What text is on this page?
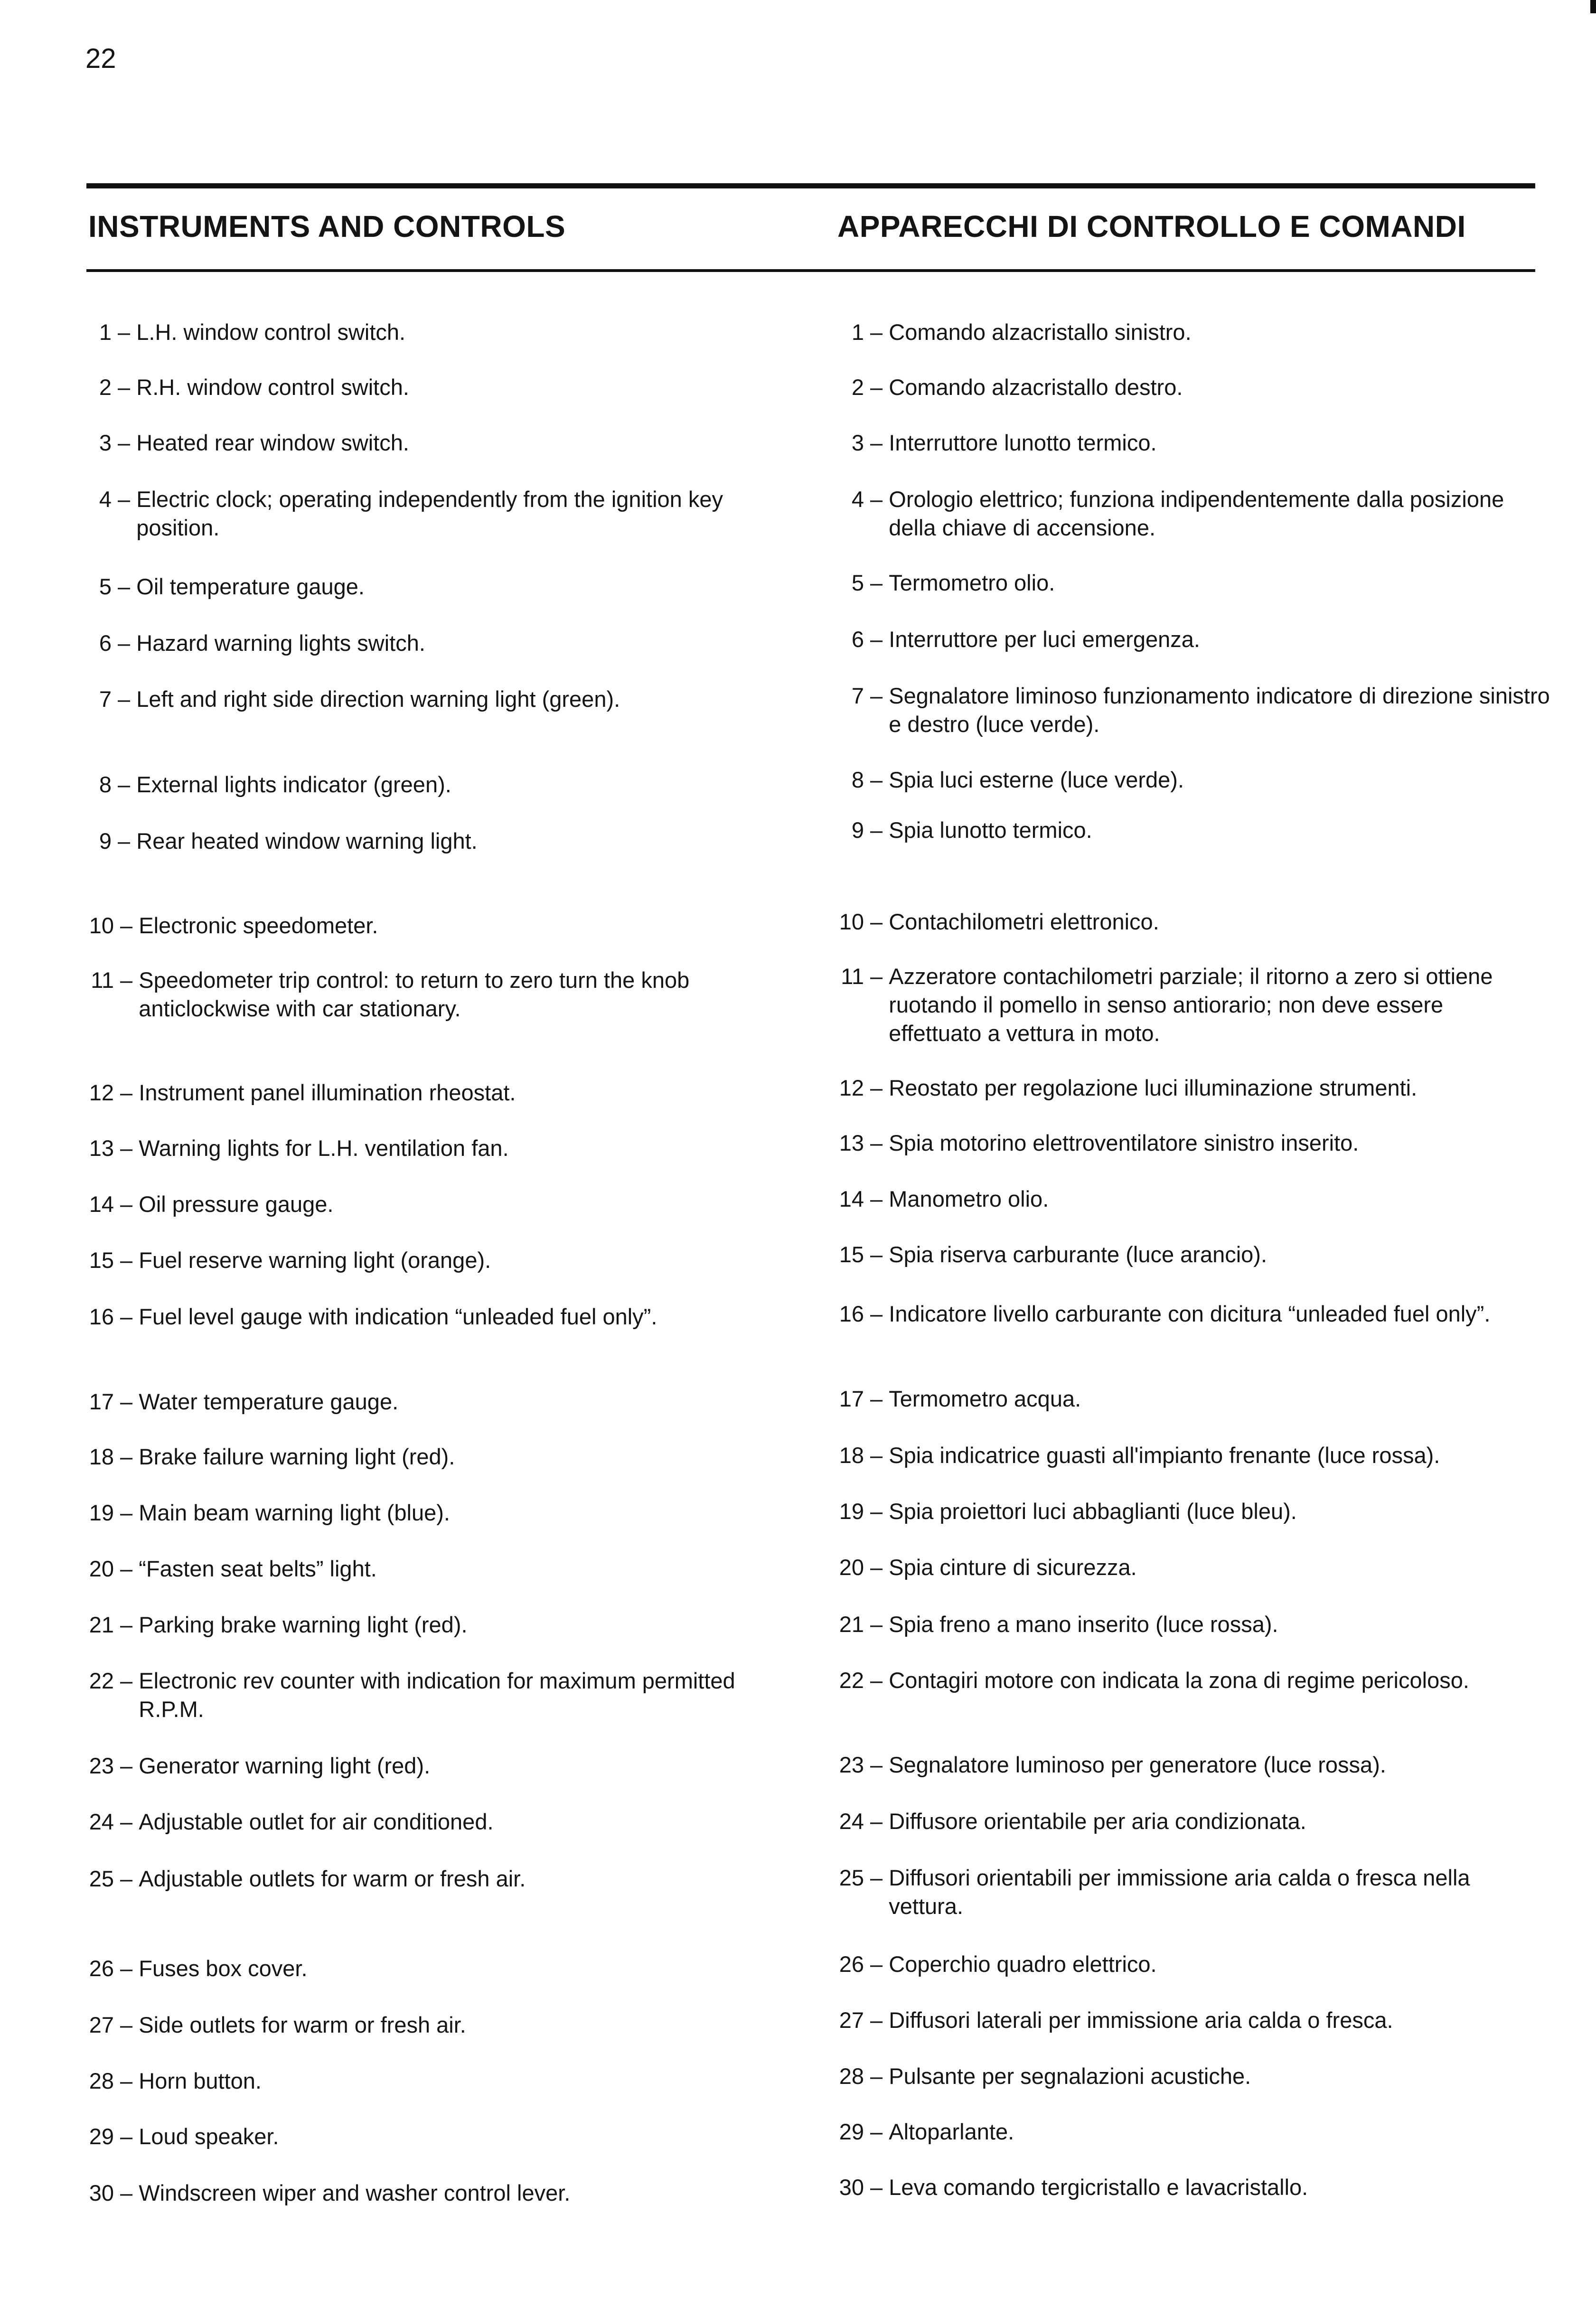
22
INSTRUMENTS AND CONTROLS	APPARECCHI DI CONTROLLO E COMANDI
1 – L.H. window control switch.
2 – R.H. window control switch.
3 – Heated rear window switch.
4 – Electric clock; operating independently from the ignition key position.
5 – Oil temperature gauge.
6 – Hazard warning lights switch.
7 – Left and right side direction warning light (green).
8 – External lights indicator (green).
9 – Rear heated window warning light.
10 – Electronic speedometer.
11 – Speedometer trip control: to return to zero turn the knob anticlockwise with car stationary.
12 – Instrument panel illumination rheostat.
13 – Warning lights for L.H. ventilation fan.
14 – Oil pressure gauge.
15 – Fuel reserve warning light (orange).
16 – Fuel level gauge with indication “unleaded fuel only”.
17 – Water temperature gauge.
18 – Brake failure warning light (red).
19 – Main beam warning light (blue).
20 – “Fasten seat belts” light.
21 – Parking brake warning light (red).
22 – Electronic rev counter with indication for maximum permitted R.P.M.
23 – Generator warning light (red).
24 – Adjustable outlet for air conditioned.
25 – Adjustable outlets for warm or fresh air.
26 – Fuses box cover.
27 – Side outlets for warm or fresh air.
28 – Horn button.
29 – Loud speaker.
30 – Windscreen wiper and washer control lever.
1 – Comando alzacristallo sinistro.
2 – Comando alzacristallo destro.
3 – Interruttore lunotto termico.
4 – Orologio elettrico; funziona indipendentemente dalla posizione della chiave di accensione.
5 – Termometro olio.
6 – Interruttore per luci emergenza.
7 – Segnalatore liminoso funzionamento indicatore di direzione sinistro e destro (luce verde).
8 – Spia luci esterne (luce verde).
9 – Spia lunotto termico.
10 – Contachilometri elettronico.
11 – Azzeratore contachilometri parziale; il ritorno a zero si ottiene ruotando il pomello in senso antiorario; non deve essere effettuato a vettura in moto.
12 – Reostato per regolazione luci illuminazione strumenti.
13 – Spia motorino elettroventilatore sinistro inserito.
14 – Manometro olio.
15 – Spia riserva carburante (luce arancio).
16 – Indicatore livello carburante con dicitura “unleaded fuel only”.
17 – Termometro acqua.
18 – Spia indicatrice guasti all'impianto frenante (luce rossa).
19 – Spia proiettori luci abbaglianti (luce bleu).
20 – Spia cinture di sicurezza.
21 – Spia freno a mano inserito (luce rossa).
22 – Contagiri motore con indicata la zona di regime pericoloso.
23 – Segnalatore luminoso per generatore (luce rossa).
24 – Diffusore orientabile per aria condizionata.
25 – Diffusori orientabili per immissione aria calda o fresca nella vettura.
26 – Coperchio quadro elettrico.
27 – Diffusori laterali per immissione aria calda o fresca.
28 – Pulsante per segnalazioni acustiche.
29 – Altoparlante.
30 – Leva comando tergicristallo e lavacristallo.
